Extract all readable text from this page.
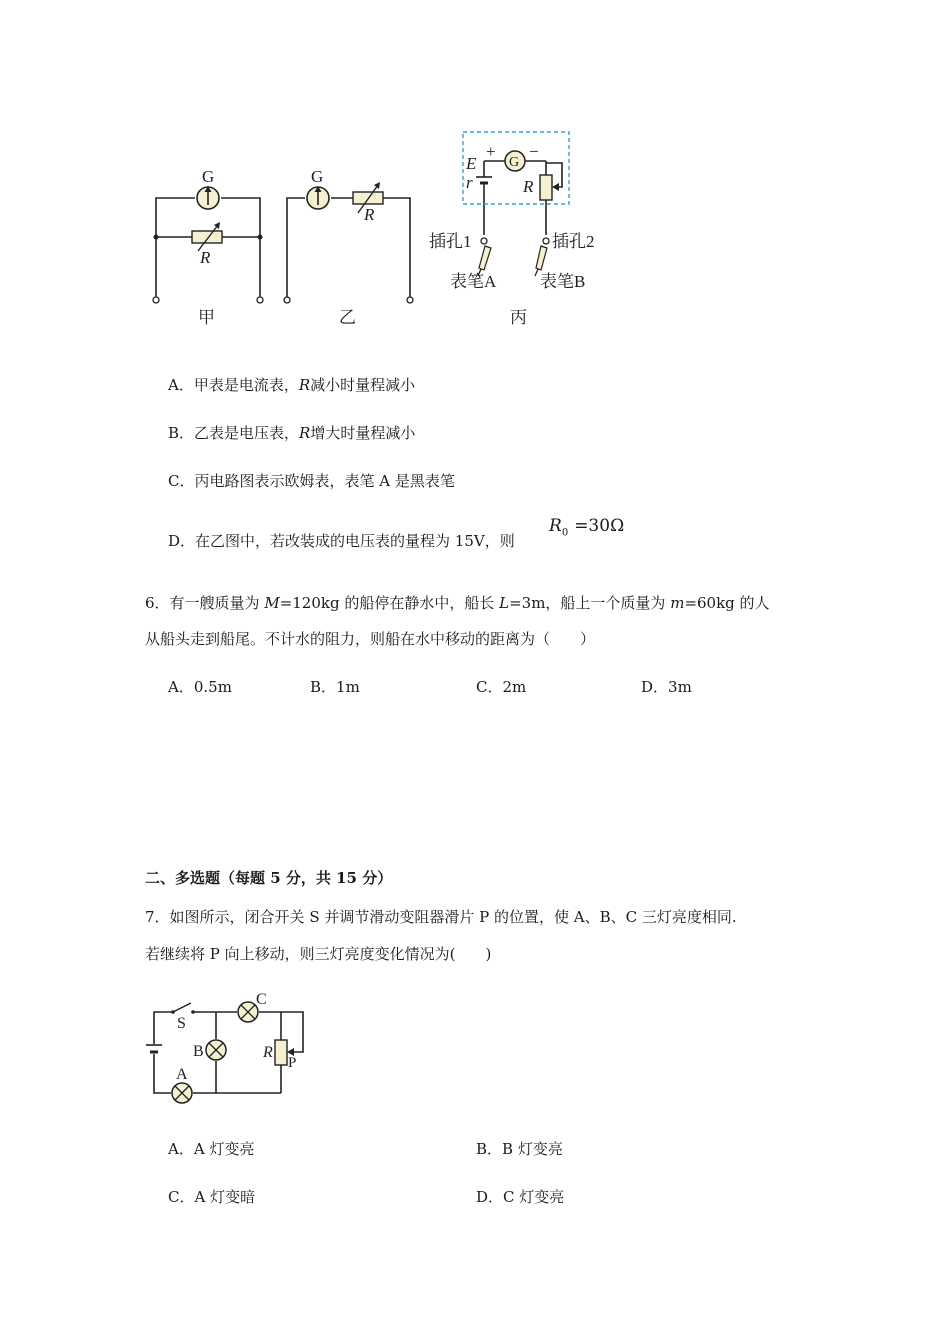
G
R
甲
G
R
乙
+ −
G
E
r	R
插孔1	插孔2
表笔A	表笔B
丙
A．甲表是电流表，R减小时量程减小
B．乙表是电压表，R增大时量程减小
C．丙电路图表示欧姆表，表笔 A 是黑表笔
D．在乙图中，若改装成的电压表的量程为 15V，则
$R_0 =30\Omega$
6．有一艘质量为 M=120kg 的船停在静水中，船长 L=3m，船上一个质量为 m=60kg 的人
从船头走到船尾。不计水的阻力，则船在水中移动的距离为（　　）
A．0.5m	B．1m	C．2m	D．3m
二、多选题（每题 5 分，共 15 分）
7．如图所示，闭合开关 S 并调节滑动变阻器滑片 P 的位置，使 A、B、C 三灯亮度相同.
若继续将 P 向上移动，则三灯亮度变化情况为(　　)
S
C
B
A
R
P
A．A 灯变亮	B．B 灯变亮
C．A 灯变暗	D．C 灯变亮
